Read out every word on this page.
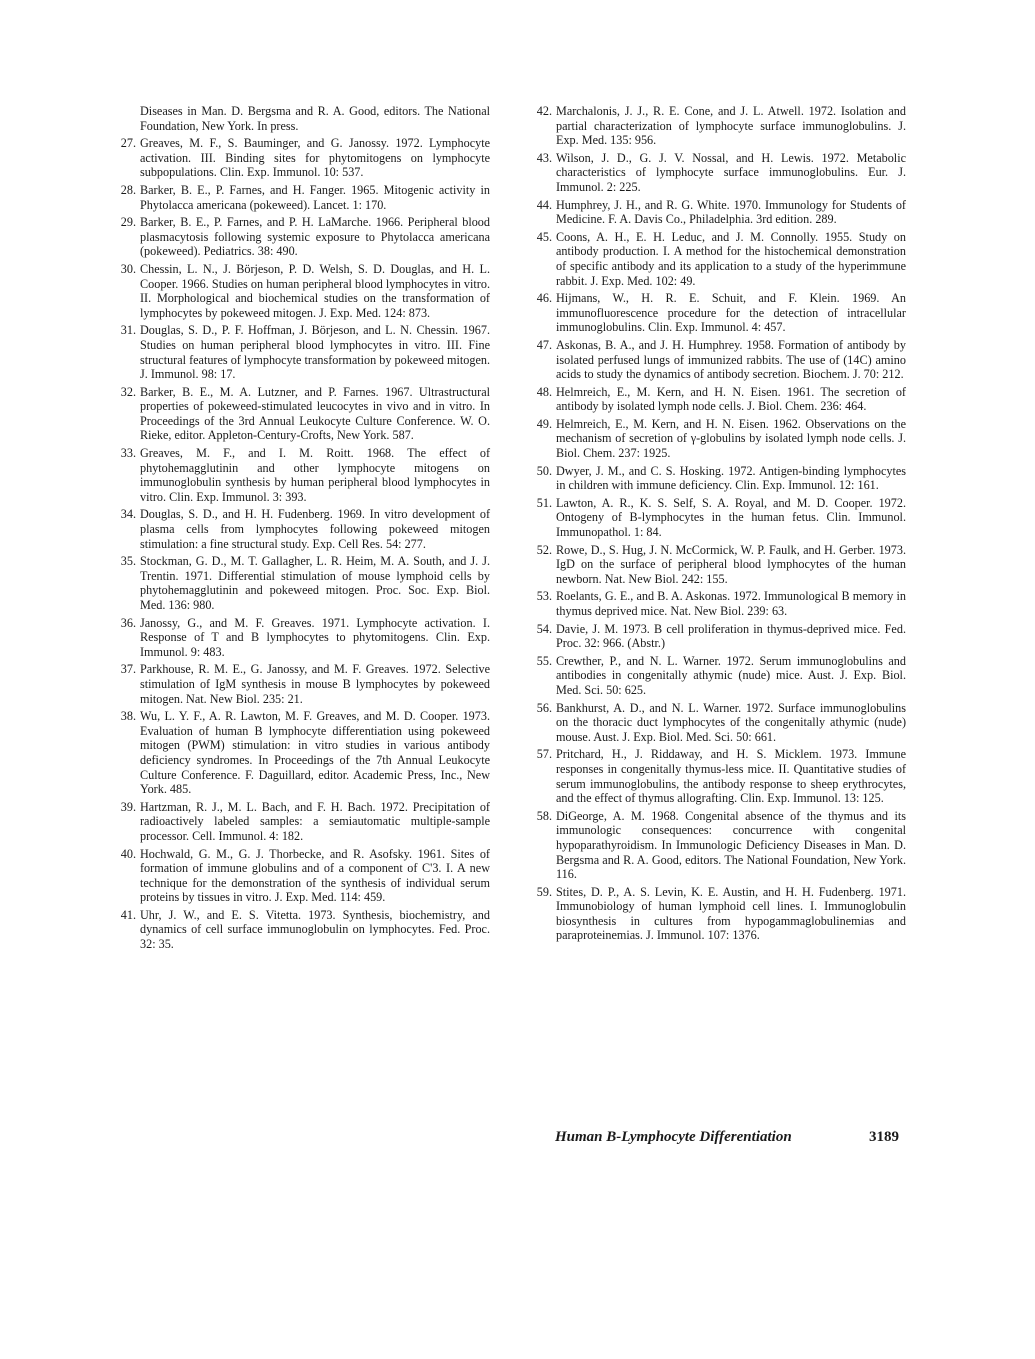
Diseases in Man. D. Bergsma and R. A. Good, editors. The National Foundation, New York. In press.
27. Greaves, M. F., S. Bauminger, and G. Janossy. 1972. Lymphocyte activation. III. Binding sites for phytomitogens on lymphocyte subpopulations. Clin. Exp. Immunol. 10: 537.
28. Barker, B. E., P. Farnes, and H. Fanger. 1965. Mitogenic activity in Phytolacca americana (pokeweed). Lancet. 1: 170.
29. Barker, B. E., P. Farnes, and P. H. LaMarche. 1966. Peripheral blood plasmacytosis following systemic exposure to Phytolacca americana (pokeweed). Pediatrics. 38: 490.
30. Chessin, L. N., J. Börjeson, P. D. Welsh, S. D. Douglas, and H. L. Cooper. 1966. Studies on human peripheral blood lymphocytes in vitro. II. Morphological and biochemical studies on the transformation of lymphocytes by pokeweed mitogen. J. Exp. Med. 124: 873.
31. Douglas, S. D., P. F. Hoffman, J. Börjeson, and L. N. Chessin. 1967. Studies on human peripheral blood lymphocytes in vitro. III. Fine structural features of lymphocyte transformation by pokeweed mitogen. J. Immunol. 98: 17.
32. Barker, B. E., M. A. Lutzner, and P. Farnes. 1967. Ultrastructural properties of pokeweed-stimulated leucocytes in vivo and in vitro. In Proceedings of the 3rd Annual Leukocyte Culture Conference. W. O. Rieke, editor. Appleton-Century-Crofts, New York. 587.
33. Greaves, M. F., and I. M. Roitt. 1968. The effect of phytohemagglutinin and other lymphocyte mitogens on immunoglobulin synthesis by human peripheral blood lymphocytes in vitro. Clin. Exp. Immunol. 3: 393.
34. Douglas, S. D., and H. H. Fudenberg. 1969. In vitro development of plasma cells from lymphocytes following pokeweed mitogen stimulation: a fine structural study. Exp. Cell Res. 54: 277.
35. Stockman, G. D., M. T. Gallagher, L. R. Heim, M. A. South, and J. J. Trentin. 1971. Differential stimulation of mouse lymphoid cells by phytohemagglutinin and pokeweed mitogen. Proc. Soc. Exp. Biol. Med. 136: 980.
36. Janossy, G., and M. F. Greaves. 1971. Lymphocyte activation. I. Response of T and B lymphocytes to phytomitogens. Clin. Exp. Immunol. 9: 483.
37. Parkhouse, R. M. E., G. Janossy, and M. F. Greaves. 1972. Selective stimulation of IgM synthesis in mouse B lymphocytes by pokeweed mitogen. Nat. New Biol. 235: 21.
38. Wu, L. Y. F., A. R. Lawton, M. F. Greaves, and M. D. Cooper. 1973. Evaluation of human B lymphocyte differentiation using pokeweed mitogen (PWM) stimulation: in vitro studies in various antibody deficiency syndromes. In Proceedings of the 7th Annual Leukocyte Culture Conference. F. Daguillard, editor. Academic Press, Inc., New York. 485.
39. Hartzman, R. J., M. L. Bach, and F. H. Bach. 1972. Precipitation of radioactively labeled samples: a semiautomatic multiple-sample processor. Cell. Immunol. 4: 182.
40. Hochwald, G. M., G. J. Thorbecke, and R. Asofsky. 1961. Sites of formation of immune globulins and of a component of C'3. I. A new technique for the demonstration of the synthesis of individual serum proteins by tissues in vitro. J. Exp. Med. 114: 459.
41. Uhr, J. W., and E. S. Vitetta. 1973. Synthesis, biochemistry, and dynamics of cell surface immunoglobulin on lymphocytes. Fed. Proc. 32: 35.
42. Marchalonis, J. J., R. E. Cone, and J. L. Atwell. 1972. Isolation and partial characterization of lymphocyte surface immunoglobulins. J. Exp. Med. 135: 956.
43. Wilson, J. D., G. J. V. Nossal, and H. Lewis. 1972. Metabolic characteristics of lymphocyte surface immunoglobulins. Eur. J. Immunol. 2: 225.
44. Humphrey, J. H., and R. G. White. 1970. Immunology for Students of Medicine. F. A. Davis Co., Philadelphia. 3rd edition. 289.
45. Coons, A. H., E. H. Leduc, and J. M. Connolly. 1955. Study on antibody production. I. A method for the histochemical demonstration of specific antibody and its application to a study of the hyperimmune rabbit. J. Exp. Med. 102: 49.
46. Hijmans, W., H. R. E. Schuit, and F. Klein. 1969. An immunofluorescence procedure for the detection of intracellular immunoglobulins. Clin. Exp. Immunol. 4: 457.
47. Askonas, B. A., and J. H. Humphrey. 1958. Formation of antibody by isolated perfused lungs of immunized rabbits. The use of (14C) amino acids to study the dynamics of antibody secretion. Biochem. J. 70: 212.
48. Helmreich, E., M. Kern, and H. N. Eisen. 1961. The secretion of antibody by isolated lymph node cells. J. Biol. Chem. 236: 464.
49. Helmreich, E., M. Kern, and H. N. Eisen. 1962. Observations on the mechanism of secretion of γ-globulins by isolated lymph node cells. J. Biol. Chem. 237: 1925.
50. Dwyer, J. M., and C. S. Hosking. 1972. Antigen-binding lymphocytes in children with immune deficiency. Clin. Exp. Immunol. 12: 161.
51. Lawton, A. R., K. S. Self, S. A. Royal, and M. D. Cooper. 1972. Ontogeny of B-lymphocytes in the human fetus. Clin. Immunol. Immunopathol. 1: 84.
52. Rowe, D., S. Hug, J. N. McCormick, W. P. Faulk, and H. Gerber. 1973. IgD on the surface of peripheral blood lymphocytes of the human newborn. Nat. New Biol. 242: 155.
53. Roelants, G. E., and B. A. Askonas. 1972. Immunological B memory in thymus deprived mice. Nat. New Biol. 239: 63.
54. Davie, J. M. 1973. B cell proliferation in thymus-deprived mice. Fed. Proc. 32: 966. (Abstr.)
55. Crewther, P., and N. L. Warner. 1972. Serum immunoglobulins and antibodies in congenitally athymic (nude) mice. Aust. J. Exp. Biol. Med. Sci. 50: 625.
56. Bankhurst, A. D., and N. L. Warner. 1972. Surface immunoglobulins on the thoracic duct lymphocytes of the congenitally athymic (nude) mouse. Aust. J. Exp. Biol. Med. Sci. 50: 661.
57. Pritchard, H., J. Riddaway, and H. S. Micklem. 1973. Immune responses in congenitally thymus-less mice. II. Quantitative studies of serum immunoglobulins, the antibody response to sheep erythrocytes, and the effect of thymus allografting. Clin. Exp. Immunol. 13: 125.
58. DiGeorge, A. M. 1968. Congenital absence of the thymus and its immunologic consequences: concurrence with congenital hypoparathyroidism. In Immunologic Deficiency Diseases in Man. D. Bergsma and R. A. Good, editors. The National Foundation, New York. 116.
59. Stites, D. P., A. S. Levin, K. E. Austin, and H. H. Fudenberg. 1971. Immunobiology of human lymphoid cell lines. I. Immunoglobulin biosynthesis in cultures from hypogammaglobulinemias and paraproteinemias. J. Immunol. 107: 1376.
Human B-Lymphocyte Differentiation	3189
